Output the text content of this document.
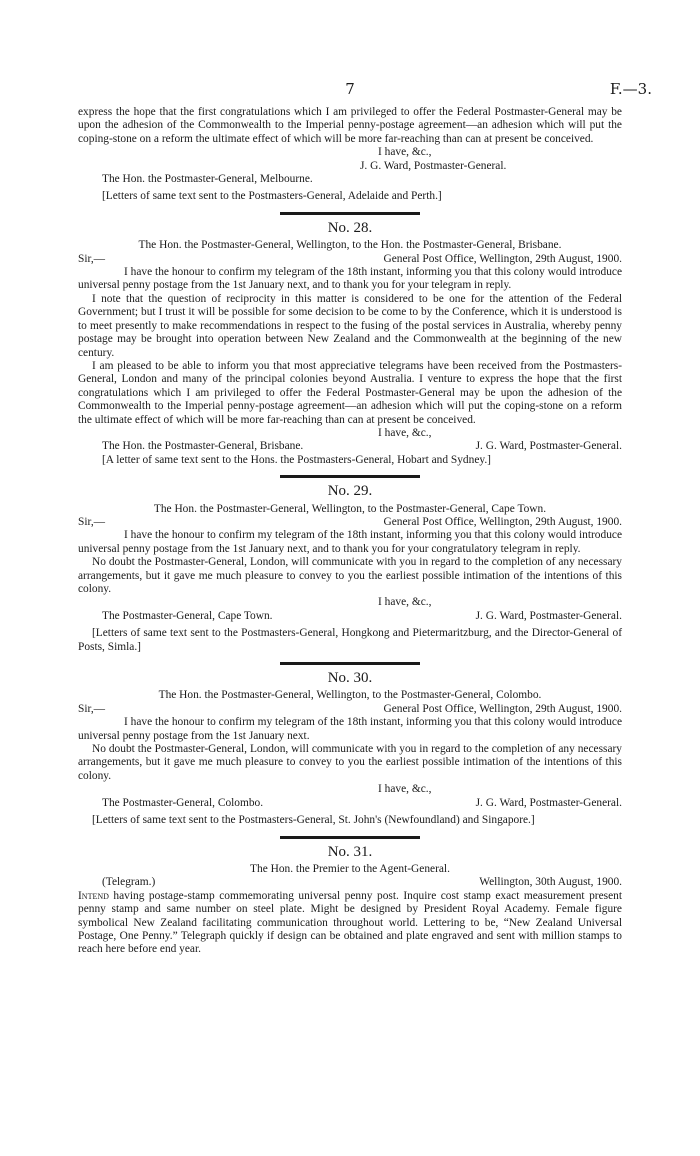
7	F.—3.

express the hope that the first congratulations which I am privileged to offer the Federal Postmaster-General may be upon the adhesion of the Commonwealth to the Imperial penny-postage agreement—an adhesion which will put the coping-stone on a reform the ultimate effect of which will be more far-reaching than can at present be conceived.

I have, &c.,

J. G. Ward, Postmaster-General.

The Hon. the Postmaster-General, Melbourne.

[Letters of same text sent to the Postmasters-General, Adelaide and Perth.]

No. 28.

The Hon. the Postmaster-General, Wellington, to the Hon. the Postmaster-General, Brisbane.

Sir,—	General Post Office, Wellington, 29th August, 1900.

I have the honour to confirm my telegram of the 18th instant, informing you that this colony would introduce universal penny postage from the 1st January next, and to thank you for your telegram in reply.

I note that the question of reciprocity in this matter is considered to be one for the attention of the Federal Government; but I trust it will be possible for some decision to be come to by the Conference, which it is understood is to meet presently to make recommendations in respect to the fusing of the postal services in Australia, whereby penny postage may be brought into operation between New Zealand and the Commonwealth at the beginning of the new century.

I am pleased to be able to inform you that most appreciative telegrams have been received from the Postmasters-General, London and many of the principal colonies beyond Australia. I venture to express the hope that the first congratulations which I am privileged to offer the Federal Postmaster-General may be upon the adhesion of the Commonwealth to the Imperial penny-postage agreement—an adhesion which will put the coping-stone on a reform the ultimate effect of which will be more far-reaching than can at present be conceived.

I have, &c.,

The Hon. the Postmaster-General, Brisbane.	J. G. Ward, Postmaster-General.

[A letter of same text sent to the Hons. the Postmasters-General, Hobart and Sydney.]

No. 29.

The Hon. the Postmaster-General, Wellington, to the Postmaster-General, Cape Town.

Sir,—	General Post Office, Wellington, 29th August, 1900.

I have the honour to confirm my telegram of the 18th instant, informing you that this colony would introduce universal penny postage from the 1st January next, and to thank you for your congratulatory telegram in reply.

No doubt the Postmaster-General, London, will communicate with you in regard to the completion of any necessary arrangements, but it gave me much pleasure to convey to you the earliest possible intimation of the intentions of this colony.

I have, &c.,

The Postmaster-General, Cape Town.	J. G. Ward, Postmaster-General.

[Letters of same text sent to the Postmasters-General, Hongkong and Pietermaritzburg, and the Director-General of Posts, Simla.]

No. 30.

The Hon. the Postmaster-General, Wellington, to the Postmaster-General, Colombo.

Sir,—	General Post Office, Wellington, 29th August, 1900.

I have the honour to confirm my telegram of the 18th instant, informing you that this colony would introduce universal penny postage from the 1st January next.

No doubt the Postmaster-General, London, will communicate with you in regard to the completion of any necessary arrangements, but it gave me much pleasure to convey to you the earliest possible intimation of the intentions of this colony.

I have, &c.,

The Postmaster-General, Colombo.	J. G. Ward, Postmaster-General.

[Letters of same text sent to the Postmasters-General, St. John's (Newfoundland) and Singapore.]

No. 31.

The Hon. the Premier to the Agent-General.

(Telegram.)	Wellington, 30th August, 1900.

Intend having postage-stamp commemorating universal penny post. Inquire cost stamp exact measurement present penny stamp and same number on steel plate. Might be designed by President Royal Academy. Female figure symbolical New Zealand facilitating communication throughout world. Lettering to be, “New Zealand Universal Postage, One Penny.” Telegraph quickly if design can be obtained and plate engraved and sent with million stamps to reach here before end year.
